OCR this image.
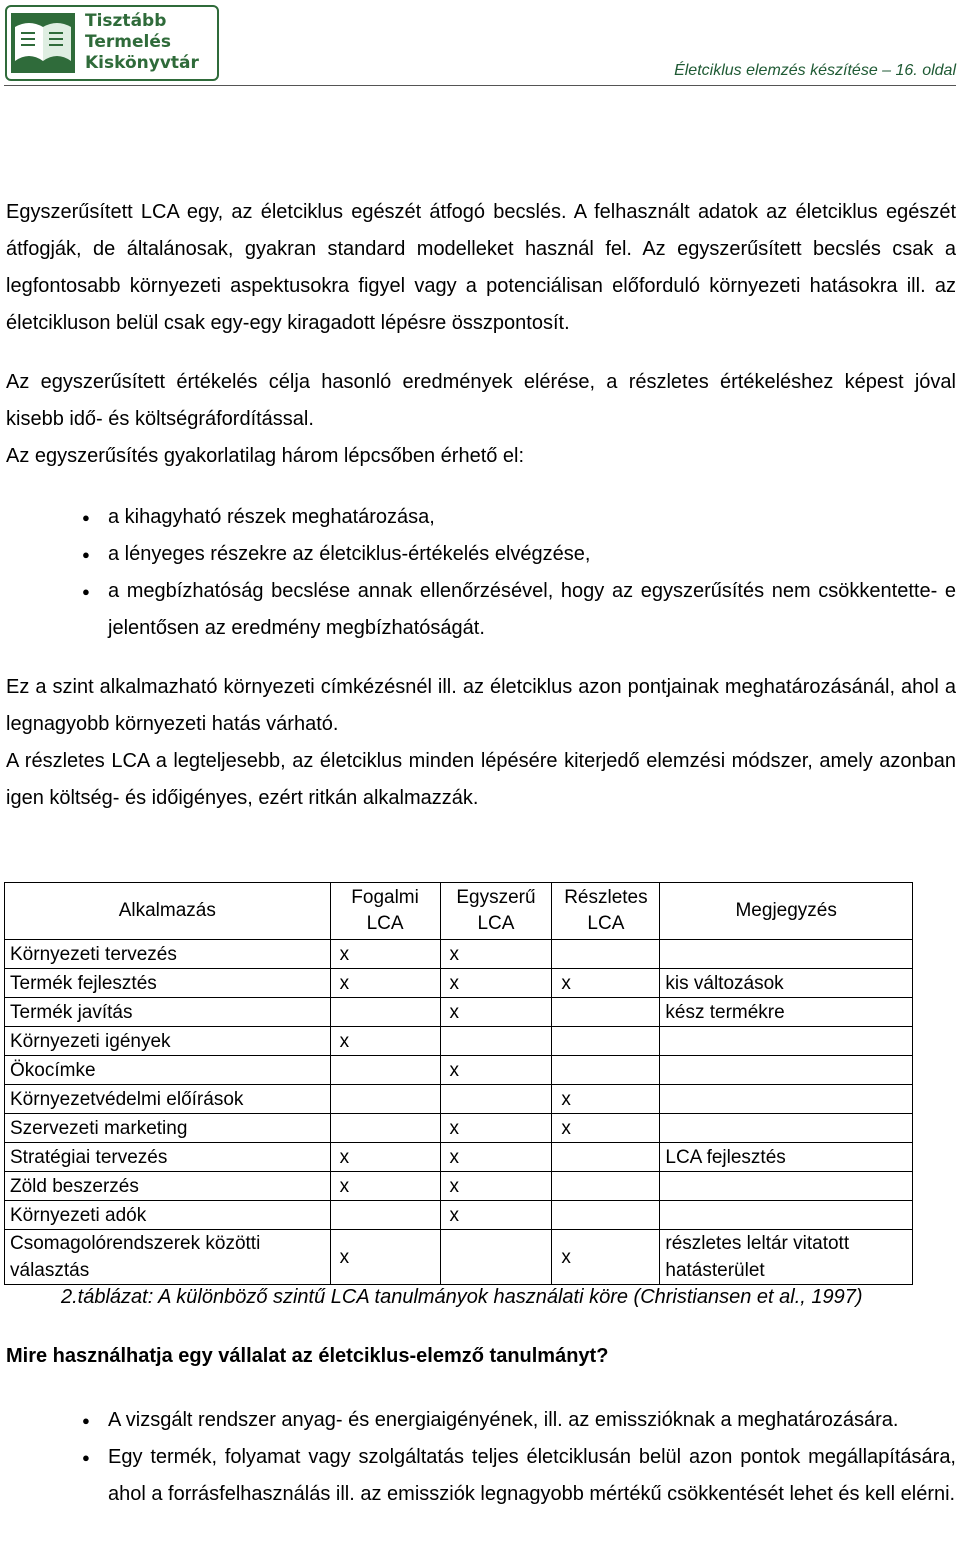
Tisztább
Termelés
Kiskönyvtár	Életciklus elemzés készítése – 16. oldal

Egyszerűsített LCA egy, az életciklus egészét átfogó becslés. A felhasznált adatok az életciklus egészét átfogják, de általánosak, gyakran standard modelleket használ fel. Az egyszerűsített becslés csak a legfontosabb környezeti aspektusokra figyel vagy a potenciálisan előforduló környezeti hatásokra ill. az életcikluson belül csak egy-egy kiragadott lépésre összpontosít.

Az egyszerűsített értékelés célja hasonló eredmények elérése, a részletes értékeléshez képest jóval kisebb idő- és költségráfordítással.

Az egyszerűsítés gyakorlatilag három lépcsőben érhető el:

● a kihagyható részek meghatározása,
● a lényeges részekre az életciklus-értékelés elvégzése,
● a megbízhatóság becslése annak ellenőrzésével, hogy az egyszerűsítés nem csökkentette- e jelentősen az eredmény megbízhatóságát.

Ez a szint alkalmazható környezeti címkézésnél ill. az életciklus azon pontjainak meghatározásánál, ahol a legnagyobb környezeti hatás várható.

A részletes LCA a legteljesebb, az életciklus minden lépésére kiterjedő elemzési módszer, amely azonban igen költség- és időigényes, ezért ritkán alkalmazzák.

Alkalmazás	Fogalmi LCA	Egyszerű LCA	Részletes LCA	Megjegyzés
Környezeti tervezés	x	x		
Termék fejlesztés	x	x	x	kis változások
Termék javítás		x		kész termékre
Környezeti igények	x			
Ökocímke		x		
Környezetvédelmi előírások			x	
Szervezeti marketing		x	x	
Stratégiai tervezés	x	x		LCA fejlesztés
Zöld beszerzés	x	x		
Környezeti adók		x		
Csomagolórendszerek közötti választás	x		x	részletes leltár vitatott hatásterület
2.táblázat: A különböző szintű LCA tanulmányok használati köre (Christiansen et al., 1997)
Mire használhatja egy vállalat az életciklus-elemző tanulmányt?
● A vizsgált rendszer anyag- és energiaigényének, ill. az emisszióknak a meghatározására.
● Egy termék, folyamat vagy szolgáltatás teljes életciklusán belül azon pontok megállapítására, ahol a forrásfelhasználás ill. az emissziók legnagyobb mértékű csökkentését lehet és kell elérni.
